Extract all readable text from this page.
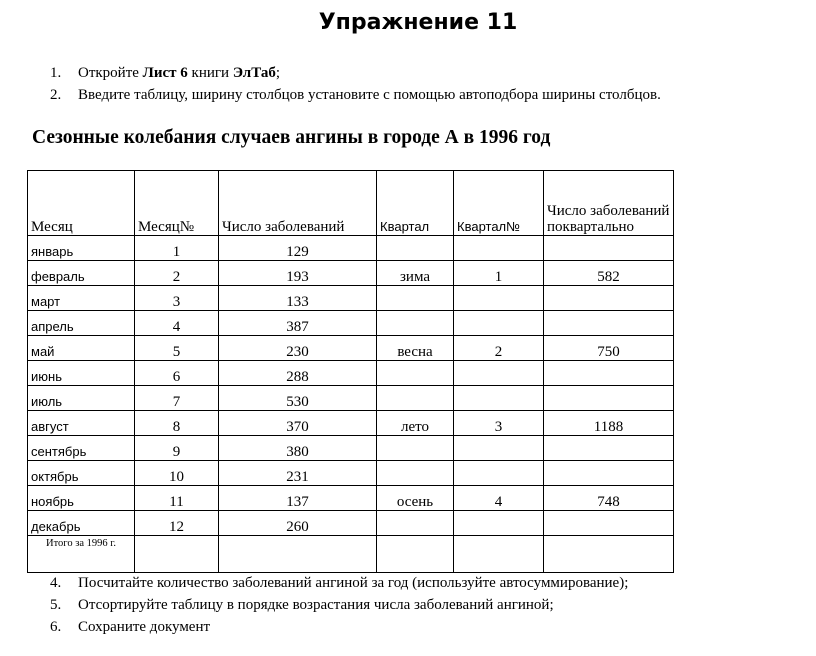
Упражнение 11
1.	Откройте Лист 6 книги ЭлТаб;
2.	Введите таблицу, ширину столбцов установите с помощью автоподбора ширины столбцов.
Сезонные колебания случаев ангины в городе А в 1996 год
Месяц	Месяц№	Число заболеваний	Квартал	Квартал№	Число заболеваний поквартально
январь	1	129			
февраль	2	193	зима	1	582
март	3	133			
апрель	4	387			
май	5	230	весна	2	750
июнь	6	288			
июль	7	530			
август	8	370	лето	3	1188
сентябрь	9	380			
октябрь	10	231			
ноябрь	11	137	осень	4	748
декабрь	12	260			
Итого за 1996 г.					
4.	Посчитайте количество заболеваний ангиной за год (используйте автосуммирование);
5.	Отсортируйте таблицу в порядке возрастания числа заболеваний ангиной;
6.	Сохраните документ
